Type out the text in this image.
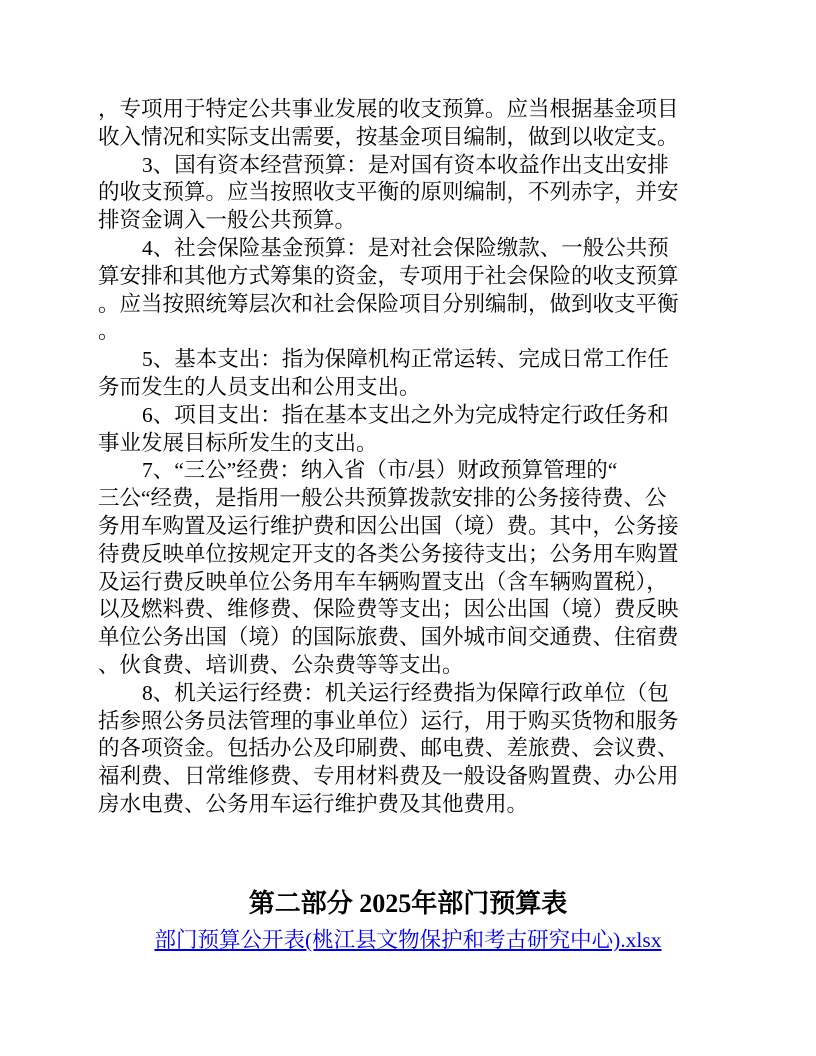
，专项用于特定公共事业发展的收支预算。应当根据基金项目
收入情况和实际支出需要，按基金项目编制，做到以收定支。
3、国有资本经营预算：是对国有资本收益作出支出安排
的收支预算。应当按照收支平衡的原则编制，不列赤字，并安
排资金调入一般公共预算。
4、社会保险基金预算：是对社会保险缴款、一般公共预
算安排和其他方式筹集的资金，专项用于社会保险的收支预算
。应当按照统筹层次和社会保险项目分别编制，做到收支平衡
。
5、基本支出：指为保障机构正常运转、完成日常工作任
务而发生的人员支出和公用支出。
6、项目支出：指在基本支出之外为完成特定行政任务和
事业发展目标所发生的支出。
7、“三公”经费：纳入省（市/县）财政预算管理的“
三公“经费，是指用一般公共预算拨款安排的公务接待费、公
务用车购置及运行维护费和因公出国（境）费。其中，公务接
待费反映单位按规定开支的各类公务接待支出；公务用车购置
及运行费反映单位公务用车车辆购置支出（含车辆购置税），
以及燃料费、维修费、保险费等支出；因公出国（境）费反映
单位公务出国（境）的国际旅费、国外城市间交通费、住宿费
、伙食费、培训费、公杂费等等支出。
8、机关运行经费：机关运行经费指为保障行政单位（包
括参照公务员法管理的事业单位）运行，用于购买货物和服务
的各项资金。包括办公及印刷费、邮电费、差旅费、会议费、
福利费、日常维修费、专用材料费及一般设备购置费、办公用
房水电费、公务用车运行维护费及其他费用。
第二部分 2025年部门预算表
部门预算公开表(桃江县文物保护和考古研究中心).xlsx
